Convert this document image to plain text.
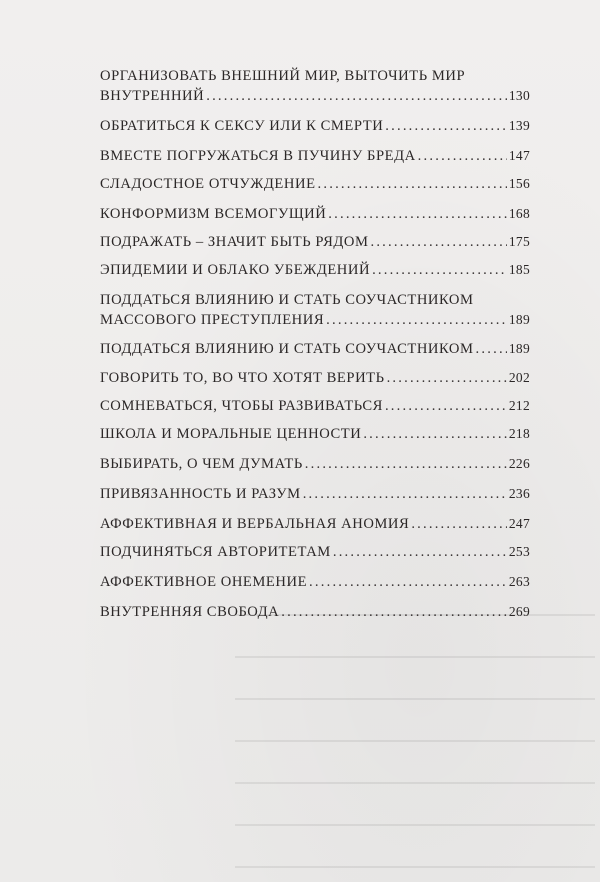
ОРГАНИЗОВАТЬ ВНЕШНИЙ МИР, ВЫТОЧИТЬ МИР
ВНУТРЕННИЙ .....	130
ОБРАТИТЬСЯ К СЕКСУ ИЛИ К СМЕРТИ .....	139
ВМЕСТЕ ПОГРУЖАТЬСЯ В ПУЧИНУ БРЕДА .....	147
СЛАДОСТНОЕ ОТЧУЖДЕНИЕ .....	156
КОНФОРМИЗМ ВСЕМОГУЩИЙ .....	168
ПОДРАЖАТЬ – ЗНАЧИТ БЫТЬ РЯДОМ .....	175
ЭПИДЕМИИ И ОБЛАКО УБЕЖДЕНИЙ .....	185
ПОДДАТЬСЯ ВЛИЯНИЮ И СТАТЬ СОУЧАСТНИКОМ
МАССОВОГО ПРЕСТУПЛЕНИЯ .....	189
ПОДДАТЬСЯ ВЛИЯНИЮ И СТАТЬ СОУЧАСТНИКОМ .....	189
ГОВОРИТЬ ТО, ВО ЧТО ХОТЯТ ВЕРИТЬ .....	202
СОМНЕВАТЬСЯ, ЧТОБЫ РАЗВИВАТЬСЯ .....	212
ШКОЛА И МОРАЛЬНЫЕ ЦЕННОСТИ .....	218
ВЫБИРАТЬ, О ЧЕМ ДУМАТЬ .....	226
ПРИВЯЗАННОСТЬ И РАЗУМ .....	236
АФФЕКТИВНАЯ И ВЕРБАЛЬНАЯ АНОМИЯ .....	247
ПОДЧИНЯТЬСЯ АВТОРИТЕТАМ .....	253
АФФЕКТИВНОЕ ОНЕМЕНИЕ .....	263
ВНУТРЕННЯЯ СВОБОДА .....	269
